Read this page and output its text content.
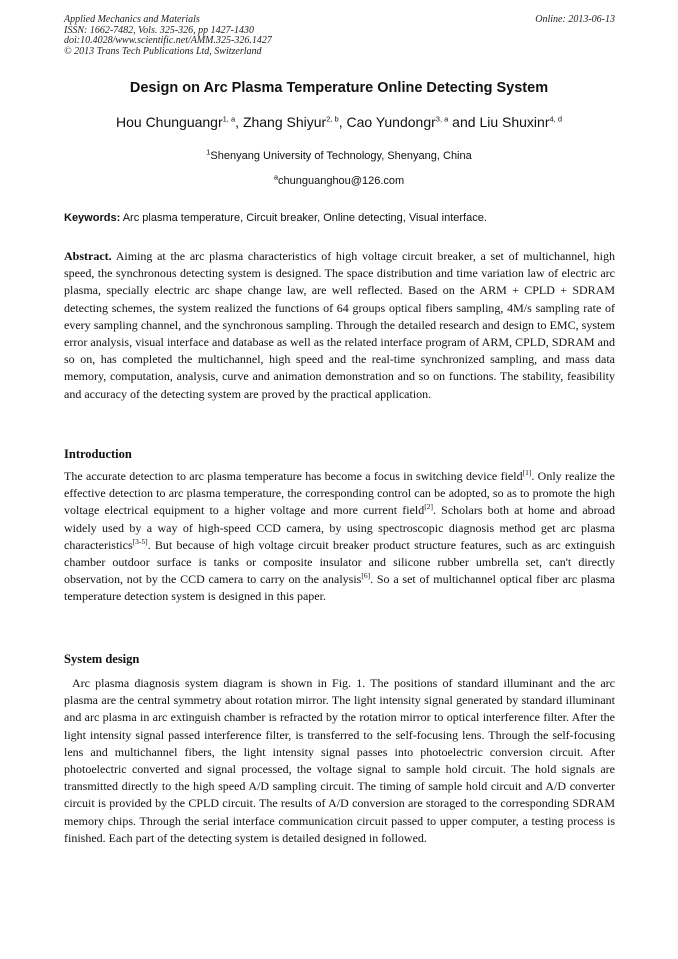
Applied Mechanics and Materials
ISSN: 1662-7482, Vols. 325-326, pp 1427-1430
doi:10.4028/www.scientific.net/AMM.325-326.1427
© 2013 Trans Tech Publications Ltd, Switzerland
Online: 2013-06-13
Design on Arc Plasma Temperature Online Detecting System
Hou Chunguangr$^{1, a}$, Zhang Shiyur$^{2, b}$, Cao Yundongr$^{3, a}$ and Liu Shuxinr$^{4, d}$
$^1$Shenyang University of Technology, Shenyang, China
$^a$chunguanghou@126.com
Keywords: Arc plasma temperature, Circuit breaker, Online detecting, Visual interface.
Abstract. Aiming at the arc plasma characteristics of high voltage circuit breaker, a set of multichannel, high speed, the synchronous detecting system is designed. The space distribution and time variation law of electric arc plasma, specially electric arc shape change law, are well reflected. Based on the ARM + CPLD + SDRAM detecting schemes, the system realized the functions of 64 groups optical fibers sampling, 4M/s sampling rate of every sampling channel, and the synchronous sampling. Through the detailed research and design to EMC, system error analysis, visual interface and database as well as the related interface program of ARM, CPLD, SDRAM and so on, has completed the multichannel, high speed and the real-time synchronized sampling, and mass data memory, computation, analysis, curve and animation demonstration and so on functions. The stability, feasibility and accuracy of the detecting system are proved by the practical application.
Introduction
The accurate detection to arc plasma temperature has become a focus in switching device field[1]. Only realize the effective detection to arc plasma temperature, the corresponding control can be adopted, so as to promote the high voltage electrical equipment to a higher voltage and more current field[2]. Scholars both at home and abroad widely used by a way of high-speed CCD camera, by using spectroscopic diagnosis method get arc plasma characteristics[3-5]. But because of high voltage circuit breaker product structure features, such as arc extinguish chamber outdoor surface is tanks or composite insulator and silicone rubber umbrella set, can't directly observation, not by the CCD camera to carry on the analysis[6]. So a set of multichannel optical fiber arc plasma temperature detection system is designed in this paper.
System design
Arc plasma diagnosis system diagram is shown in Fig. 1. The positions of standard illuminant and the arc plasma are the central symmetry about rotation mirror. The light intensity signal generated by standard illuminant and arc plasma in arc extinguish chamber is refracted by the rotation mirror to optical interference filter. After the light intensity signal passed interference filter, is transferred to the self-focusing lens. Through the self-focusing lens and multichannel fibers, the light intensity signal passes into photoelectric conversion circuit. After photoelectric converted and signal processed, the voltage signal to sample hold circuit. The hold signals are transmitted directly to the high speed A/D sampling circuit. The timing of sample hold circuit and A/D converter circuit is provided by the CPLD circuit. The results of A/D conversion are storaged to the corresponding SDRAM memory chips. Through the serial interface communication circuit passed to upper computer, a testing process is finished. Each part of the detecting system is detailed designed in followed.
